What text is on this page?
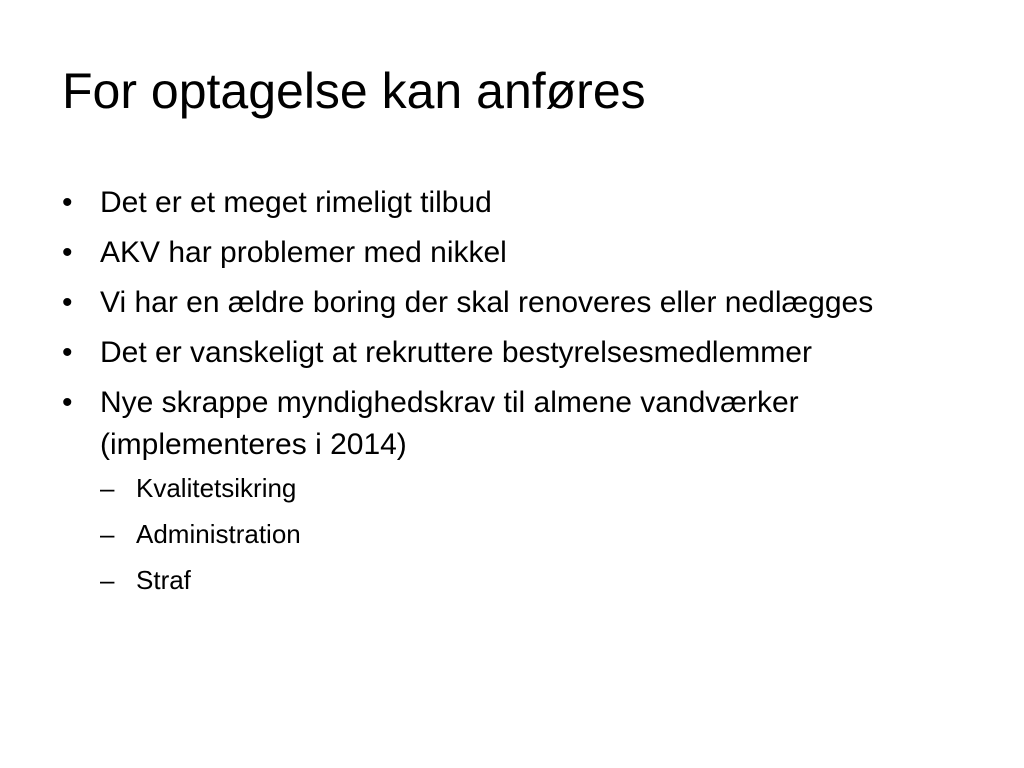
For optagelse kan anføres
• Det er et meget rimeligt tilbud
• AKV har problemer med nikkel
• Vi har en ældre boring der skal renoveres eller nedlægges
• Det er vanskeligt at rekruttere bestyrelsesmedlemmer
• Nye skrappe myndighedskrav til almene vandværker (implementeres i 2014)
– Kvalitetsikring
– Administration
– Straf
